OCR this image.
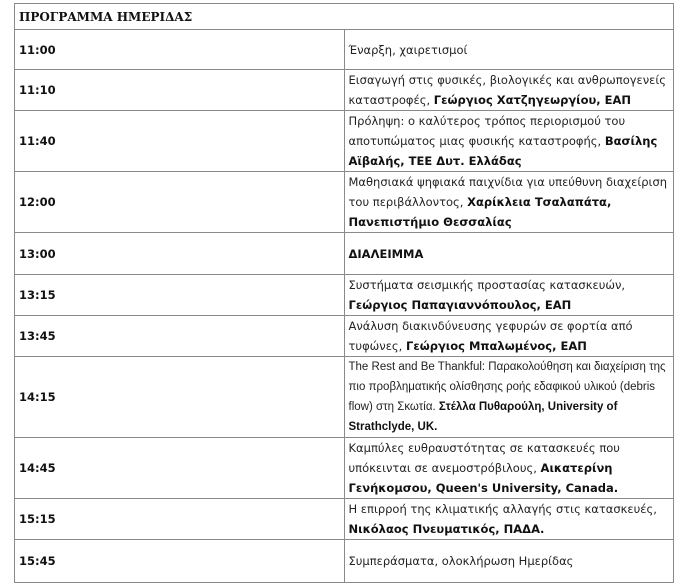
ΠΡΟΓΡΑΜΜΑ ΗΜΕΡΙΔΑΣ	
11:00	Έναρξη, χαιρετισμοί
11:10	Εισαγωγή στις φυσικές, βιολογικές και ανθρωπογενείς καταστροφές, Γεώργιος Χατζηγεωργίου, ΕΑΠ
11:40	Πρόληψη: ο καλύτερος τρόπος περιορισμού του αποτυπώματος μιας φυσικής καταστροφής, Βασίλης Αϊβαλής, ΤΕΕ Δυτ. Ελλάδας
12:00	Μαθησιακά ψηφιακά παιχνίδια για υπεύθυνη διαχείριση του περιβάλλοντος, Χαρίκλεια Τσαλαπάτα, Πανεπιστήμιο Θεσσαλίας
13:00	ΔΙΑΛΕΙΜΜΑ
13:15	Συστήματα σεισμικής προστασίας κατασκευών, Γεώργιος Παπαγιαννόπουλος, ΕΑΠ
13:45	Ανάλυση διακινδύνευσης γεφυρών σε φορτία από τυφώνες, Γεώργιος Μπαλωμένος, ΕΑΠ
14:15	The Rest and Be Thankful: Παρακολούθηση και διαχείριση της πιο προβληματικής ολίσθησης ροής εδαφικού υλικού (debris flow) στη Σκωτία. Στέλλα Πυθαρούλη, University of Strathclyde, UK.
14:45	Καμπύλες ευθραυστότητας σε κατασκευές που υπόκεινται σε ανεμοστρόβιλους, Αικατερίνη Γενήκομσου, Queen's University, Canada.
15:15	Η επιρροή της κλιματικής αλλαγής στις κατασκευές, Νικόλαος Πνευματικός, ΠΑΔΑ.
15:45	Συμπεράσματα, ολοκλήρωση Ημερίδας
